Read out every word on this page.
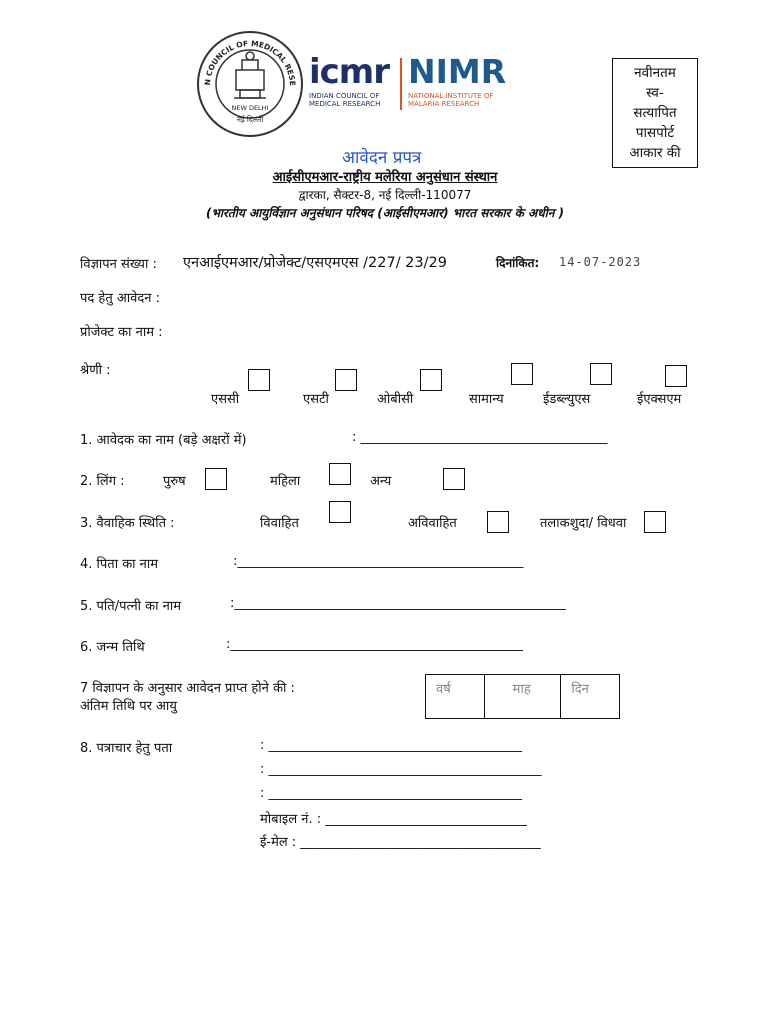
N COUNCIL OF MEDICAL RESE
NEW DELHI
नई दिल्ली
icmr
INDIAN COUNCIL OF
MEDICAL RESEARCH
NIMR
NATIONAL INSTITUTE OF
MALARIA RESEARCH
नवीनतम
स्व-
सत्यापित
पासपोर्ट
आकार की
आवेदन प्रपत्र
आईसीएमआर-राष्ट्रीय मलेरिया अनुसंधान संस्थान
द्वारका, सैक्टर-8, नई दिल्ली-110077
(भारतीय आयुर्विज्ञान अनुसंधान परिषद (आईसीएमआर) भारत सरकार के अधीन )
विज्ञापन संख्या : एनआईएमआर/प्रोजेक्ट/एसएमएस /227/ 23/29	दिनांकित: 14-07-2023
पद हेतु आवेदन :
प्रोजेक्ट का नाम :
श्रेणी :
एससी	एसटी	ओबीसी	सामान्य	ईडब्ल्युएस	ईएक्सएम
1. आवेदक का नाम (बड़े अक्षरों में)	: ______________________________________
2. लिंग :	पुरुष	महिला	अन्य
3. वैवाहिक स्थिति :	विवाहित	अविवाहित	तलाकशुदा/ विधवा
4. पिता का नाम	:____________________________________________
5. पति/पत्नी का नाम	:___________________________________________________
6. जन्म तिथि	:_____________________________________________
7 विज्ञापन के अनुसार आवेदन प्राप्त होने की :
अंतिम तिथि पर आयु
वर्ष	माह	दिन
8. पत्राचार हेतु पता	: _______________________________________
: __________________________________________
: _______________________________________
मोबाइल नं. : _______________________________
ई-मेल : _____________________________________
